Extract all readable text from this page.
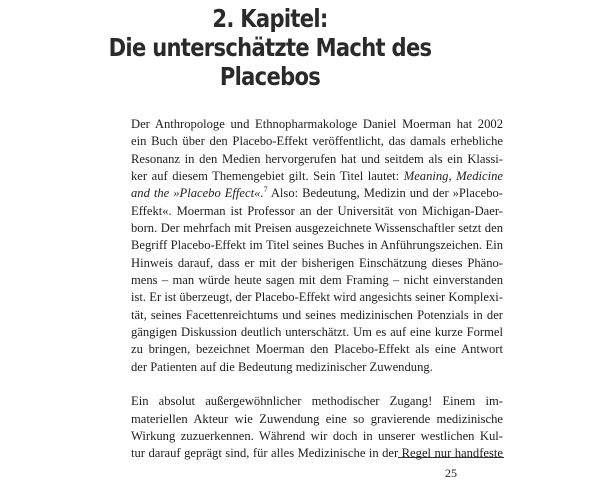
2. Kapitel:
Die unterschätzte Macht des
Placebos
Der Anthropologe und Ethnopharmakologe Daniel Moerman hat 2002
ein Buch über den Placebo-Effekt veröffentlicht, das damals erhebliche
Resonanz in den Medien hervorgerufen hat und seitdem als ein Klassi-
ker auf diesem Themengebiet gilt. Sein Titel lautet: Meaning, Medicine
and the »Placebo Effect«.$^7$ Also: Bedeutung, Medizin und der »Placebo-
Effekt«. Moerman ist Professor an der Universität von Michigan-Daer-
born. Der mehrfach mit Preisen ausgezeichnete Wissenschaftler setzt den
Begriff Placebo-Effekt im Titel seines Buches in Anführungszeichen. Ein
Hinweis darauf, dass er mit der bisherigen Einschätzung dieses Phäno-
mens – man würde heute sagen mit dem Framing – nicht einverstanden
ist. Er ist überzeugt, der Placebo-Effekt wird angesichts seiner Komplexi-
tät, seines Facettenreichtums und seines medizinischen Potenzials in der
gängigen Diskussion deutlich unterschätzt. Um es auf eine kurze Formel
zu bringen, bezeichnet Moerman den Placebo-Effekt als eine Antwort
der Patienten auf die Bedeutung medizinischer Zuwendung.
Ein absolut außergewöhnlicher methodischer Zugang! Einem im-
materiellen Akteur wie Zuwendung eine so gravierende medizinische
Wirkung zuzuerkennen. Während wir doch in unserer westlichen Kul-
tur darauf geprägt sind, für alles Medizinische in der Regel nur handfeste
25
